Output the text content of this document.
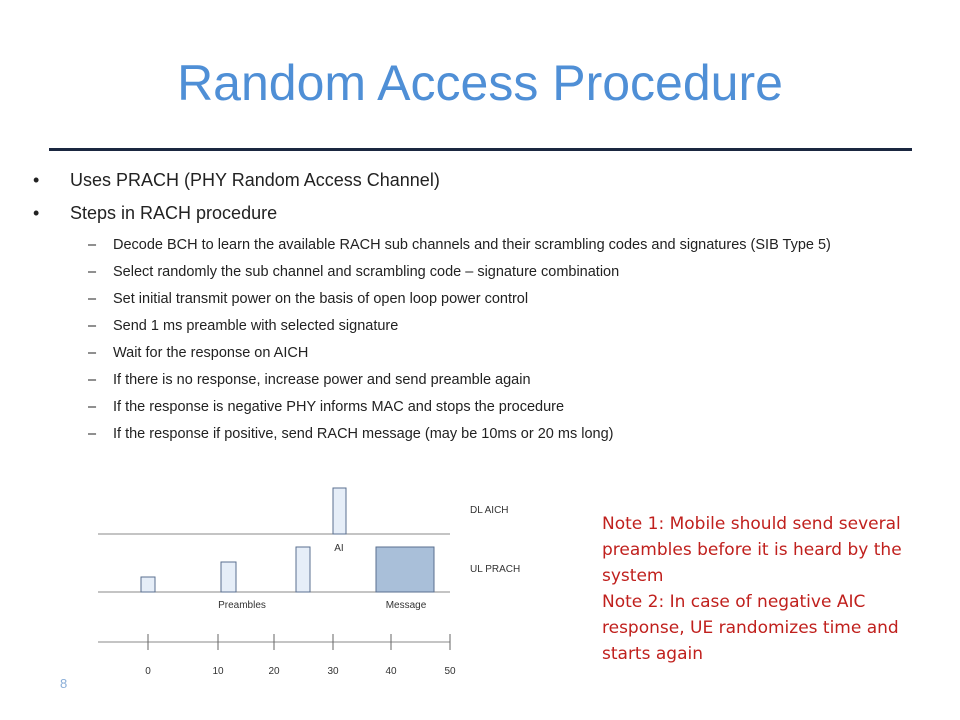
Random Access Procedure
• Uses PRACH (PHY Random Access Channel)
• Steps in RACH procedure
– Decode BCH to learn the available RACH sub channels and their scrambling codes and signatures (SIB Type 5)
– Select randomly the sub channel and scrambling code – signature combination
– Set initial transmit power on the basis of open loop power control
– Send 1 ms preamble with selected signature
– Wait for the response on AICH
– If there is no response, increase power and send preamble again
– If the response is negative PHY informs MAC and stops the procedure
– If the response if positive, send RACH message (may be 10ms or 20 ms long)
AI
DL AICH
UL PRACH
Preambles	Message
0	10	20	30	40	50
Note 1: Mobile should send several preambles before it is heard by the system
Note 2: In case of negative AIC response, UE randomizes time and starts again
8
